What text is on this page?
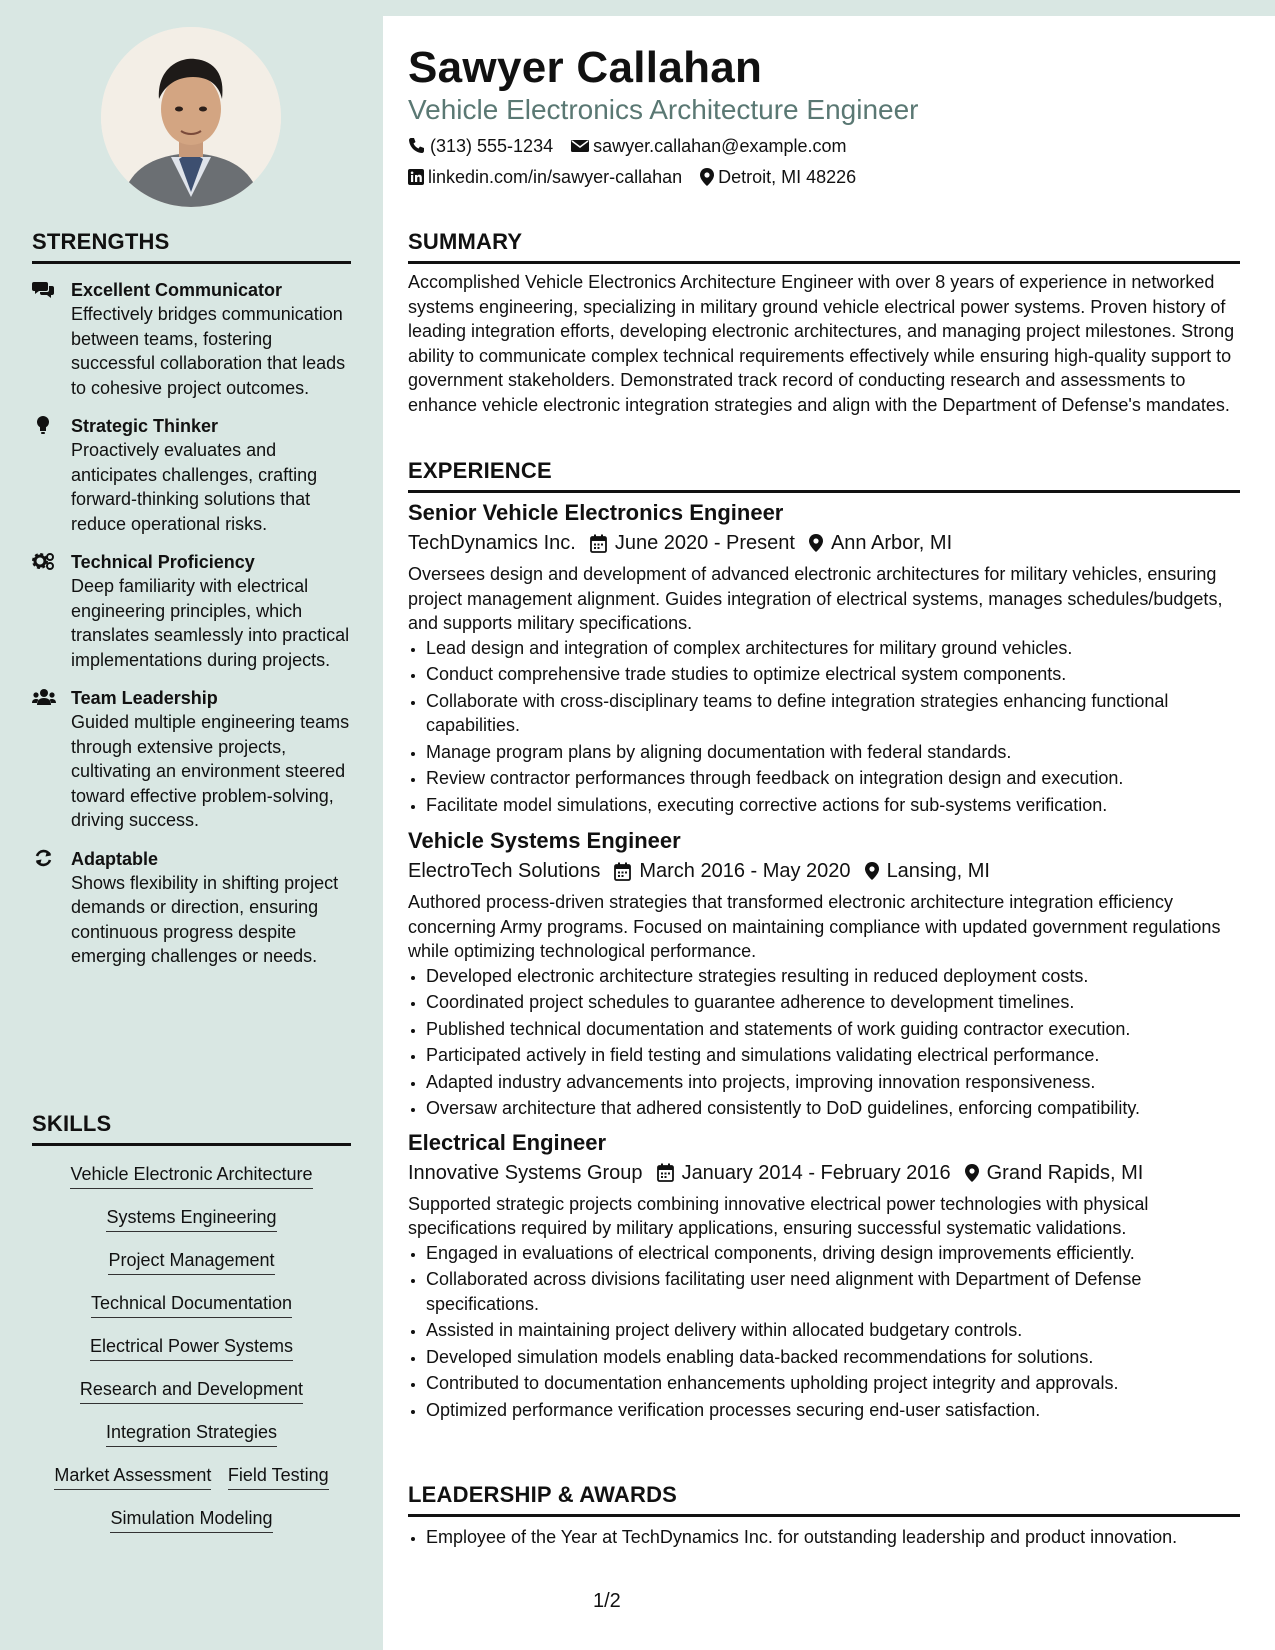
STRENGTHS
Excellent Communicator
Effectively bridges communication between teams, fostering successful collaboration that leads to cohesive project outcomes.
Strategic Thinker
Proactively evaluates and anticipates challenges, crafting forward-thinking solutions that reduce operational risks.
Technical Proficiency
Deep familiarity with electrical engineering principles, which translates seamlessly into practical implementations during projects.
Team Leadership
Guided multiple engineering teams through extensive projects, cultivating an environment steered toward effective problem-solving, driving success.
Adaptable
Shows flexibility in shifting project demands or direction, ensuring continuous progress despite emerging challenges or needs.
SKILLS
Vehicle Electronic Architecture
Systems Engineering
Project Management
Technical Documentation
Electrical Power Systems
Research and Development
Integration Strategies
Market Assessment Field Testing
Simulation Modeling
Sawyer Callahan
Vehicle Electronics Architecture Engineer
(313) 555-1234 sawyer.callahan@example.com
linkedin.com/in/sawyer-callahan Detroit, MI 48226
SUMMARY
Accomplished Vehicle Electronics Architecture Engineer with over 8 years of experience in networked systems engineering, specializing in military ground vehicle electrical power systems. Proven history of leading integration efforts, developing electronic architectures, and managing project milestones. Strong ability to communicate complex technical requirements effectively while ensuring high-quality support to government stakeholders. Demonstrated track record of conducting research and assessments to enhance vehicle electronic integration strategies and align with the Department of Defense's mandates.
EXPERIENCE
Senior Vehicle Electronics Engineer
TechDynamics Inc. June 2020 - Present Ann Arbor, MI
Oversees design and development of advanced electronic architectures for military vehicles, ensuring project management alignment. Guides integration of electrical systems, manages schedules/budgets, and supports military specifications.
• Lead design and integration of complex architectures for military ground vehicles.
• Conduct comprehensive trade studies to optimize electrical system components.
• Collaborate with cross-disciplinary teams to define integration strategies enhancing functional capabilities.
• Manage program plans by aligning documentation with federal standards.
• Review contractor performances through feedback on integration design and execution.
• Facilitate model simulations, executing corrective actions for sub-systems verification.
Vehicle Systems Engineer
ElectroTech Solutions March 2016 - May 2020 Lansing, MI
Authored process-driven strategies that transformed electronic architecture integration efficiency concerning Army programs. Focused on maintaining compliance with updated government regulations while optimizing technological performance.
• Developed electronic architecture strategies resulting in reduced deployment costs.
• Coordinated project schedules to guarantee adherence to development timelines.
• Published technical documentation and statements of work guiding contractor execution.
• Participated actively in field testing and simulations validating electrical performance.
• Adapted industry advancements into projects, improving innovation responsiveness.
• Oversaw architecture that adhered consistently to DoD guidelines, enforcing compatibility.
Electrical Engineer
Innovative Systems Group January 2014 - February 2016 Grand Rapids, MI
Supported strategic projects combining innovative electrical power technologies with physical specifications required by military applications, ensuring successful systematic validations.
• Engaged in evaluations of electrical components, driving design improvements efficiently.
• Collaborated across divisions facilitating user need alignment with Department of Defense specifications.
• Assisted in maintaining project delivery within allocated budgetary controls.
• Developed simulation models enabling data-backed recommendations for solutions.
• Contributed to documentation enhancements upholding project integrity and approvals.
• Optimized performance verification processes securing end-user satisfaction.
LEADERSHIP & AWARDS
• Employee of the Year at TechDynamics Inc. for outstanding leadership and product innovation.
1/2
